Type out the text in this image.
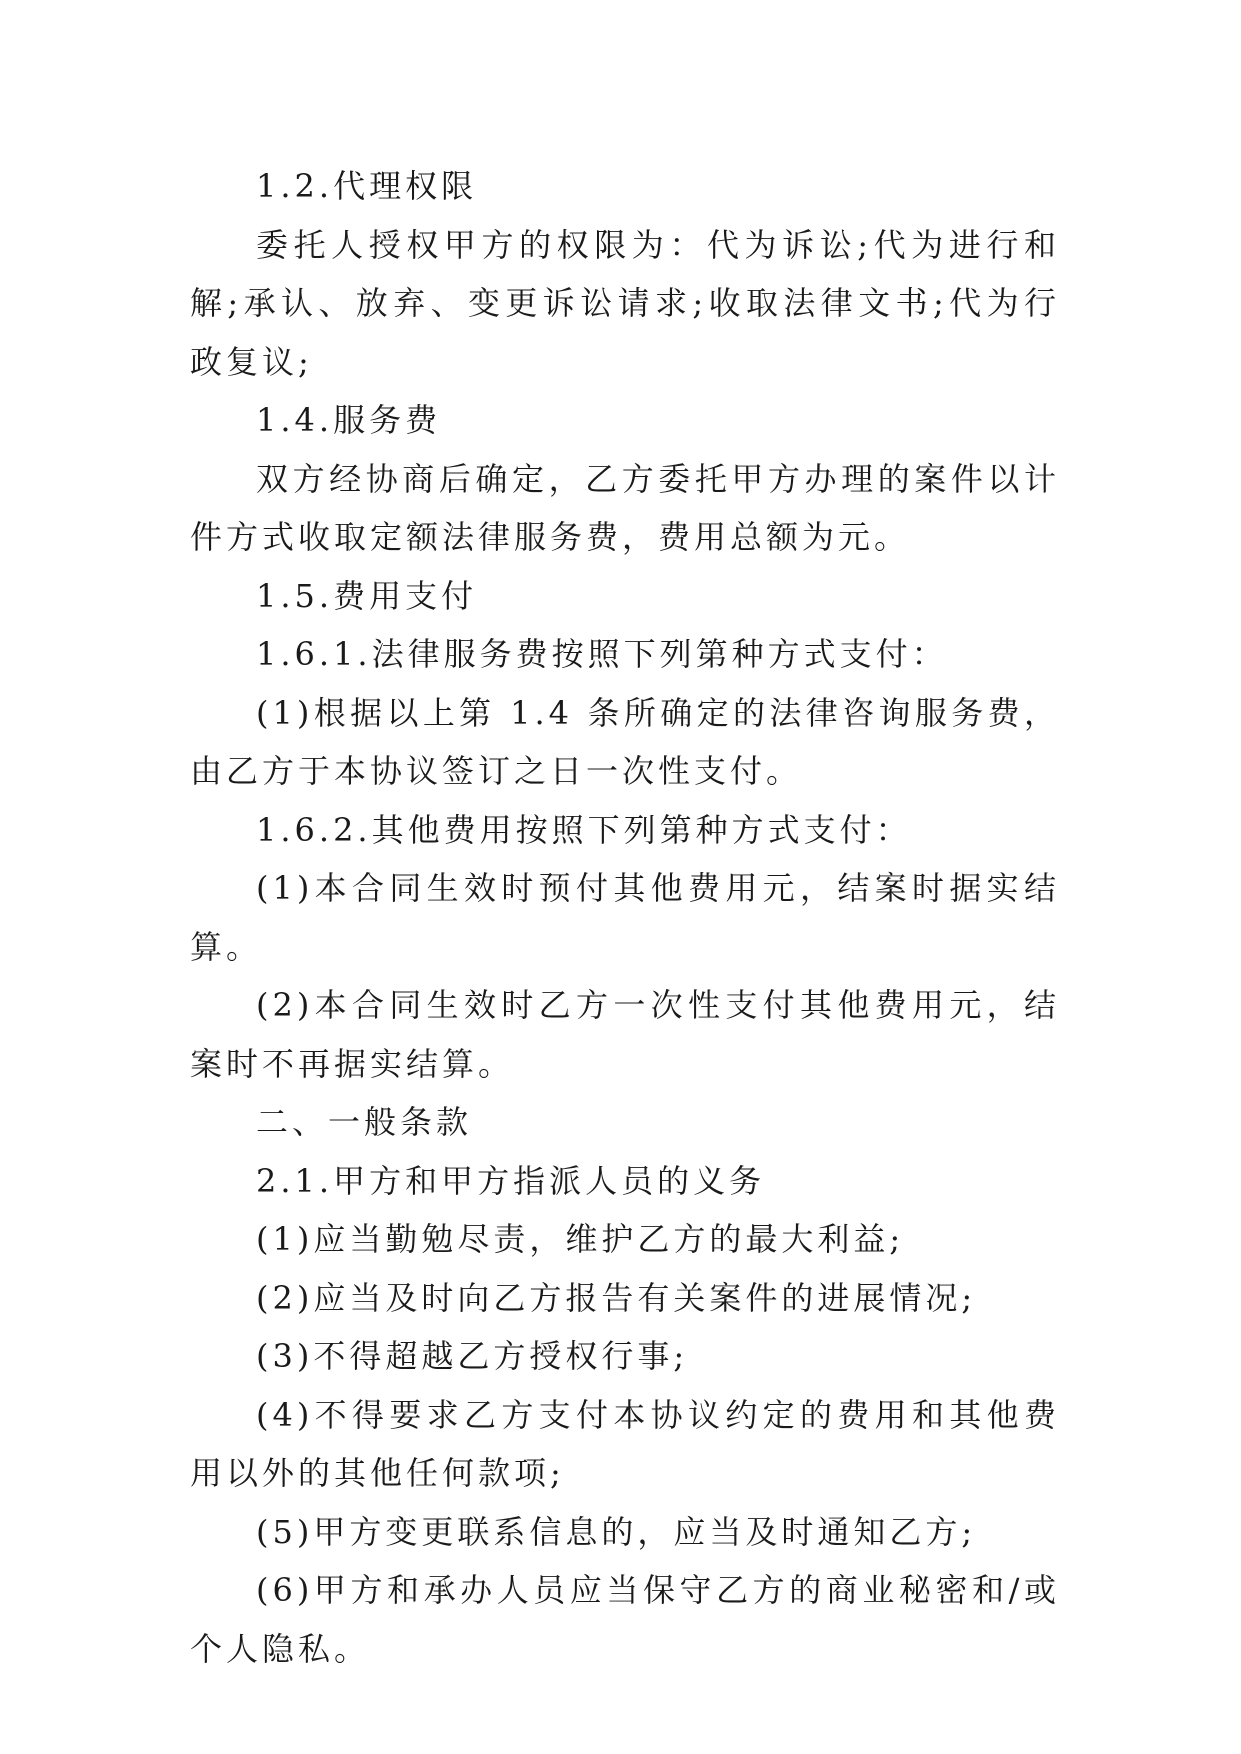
1.2.代理权限

委托人授权甲方的权限为：代为诉讼;代为进行和解;承认、放弃、变更诉讼请求;收取法律文书;代为行政复议;

1.4.服务费

双方经协商后确定，乙方委托甲方办理的案件以计件方式收取定额法律服务费，费用总额为元。

1.5.费用支付

1.6.1.法律服务费按照下列第种方式支付：

(1)根据以上第 1.4 条所确定的法律咨询服务费，由乙方于本协议签订之日一次性支付。

1.6.2.其他费用按照下列第种方式支付：

(1)本合同生效时预付其他费用元，结案时据实结算。

(2)本合同生效时乙方一次性支付其他费用元，结案时不再据实结算。

二、一般条款

2.1.甲方和甲方指派人员的义务

(1)应当勤勉尽责，维护乙方的最大利益;

(2)应当及时向乙方报告有关案件的进展情况;

(3)不得超越乙方授权行事;

(4)不得要求乙方支付本协议约定的费用和其他费用以外的其他任何款项;

(5)甲方变更联系信息的，应当及时通知乙方;

(6)甲方和承办人员应当保守乙方的商业秘密和/或个人隐私。
